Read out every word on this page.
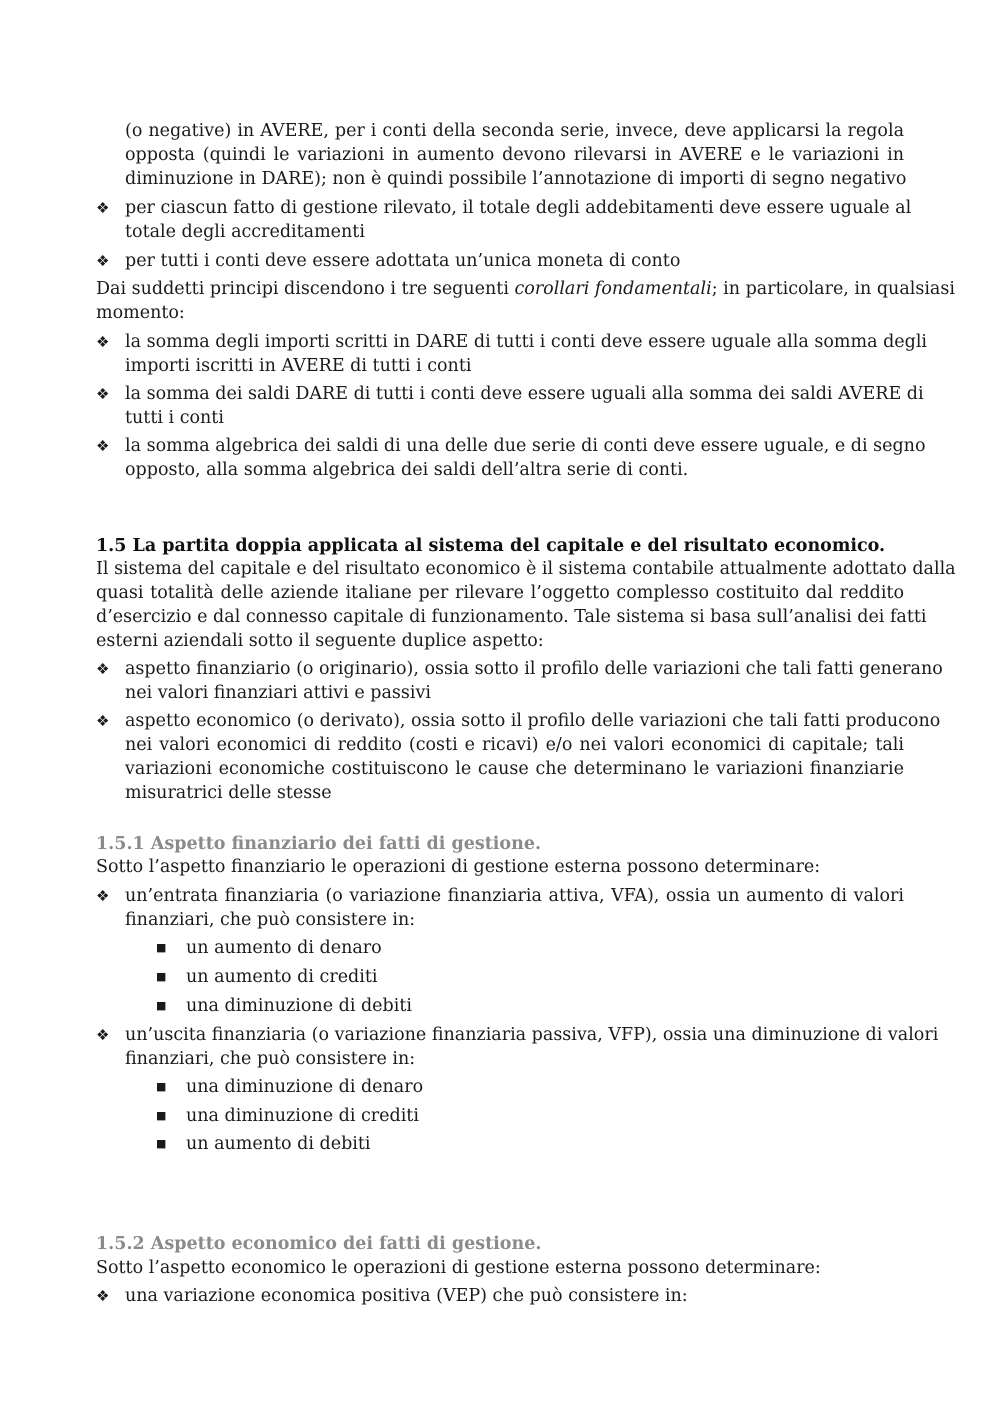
(o negative) in AVERE, per i conti della seconda serie, invece, deve applicarsi la regola
opposta (quindi le variazioni in aumento devono rilevarsi in AVERE e le variazioni in
diminuzione in DARE); non è quindi possibile l’annotazione di importi di segno negativo
❖ per ciascun fatto di gestione rilevato, il totale degli addebitamenti deve essere uguale al
totale degli accreditamenti
❖ per tutti i conti deve essere adottata un’unica moneta di conto
Dai suddetti principi discendono i tre seguenti corollari fondamentali; in particolare, in qualsiasi
momento:
❖ la somma degli importi scritti in DARE di tutti i conti deve essere uguale alla somma degli
importi iscritti in AVERE di tutti i conti
❖ la somma dei saldi DARE di tutti i conti deve essere uguali alla somma dei saldi AVERE di
tutti i conti
❖ la somma algebrica dei saldi di una delle due serie di conti deve essere uguale, e di segno
opposto, alla somma algebrica dei saldi dell’altra serie di conti.
1.5 La partita doppia applicata al sistema del capitale e del risultato economico.
Il sistema del capitale e del risultato economico è il sistema contabile attualmente adottato dalla
quasi totalità delle aziende italiane per rilevare l’oggetto complesso costituito dal reddito
d’esercizio e dal connesso capitale di funzionamento. Tale sistema si basa sull’analisi dei fatti
esterni aziendali sotto il seguente duplice aspetto:
❖ aspetto finanziario (o originario), ossia sotto il profilo delle variazioni che tali fatti generano
nei valori finanziari attivi e passivi
❖ aspetto economico (o derivato), ossia sotto il profilo delle variazioni che tali fatti producono
nei valori economici di reddito (costi e ricavi) e/o nei valori economici di capitale; tali
variazioni economiche costituiscono le cause che determinano le variazioni finanziarie
misuratrici delle stesse
1.5.1 Aspetto finanziario dei fatti di gestione.
Sotto l’aspetto finanziario le operazioni di gestione esterna possono determinare:
❖ un’entrata finanziaria (o variazione finanziaria attiva, VFA), ossia un aumento di valori
finanziari, che può consistere in:
■ un aumento di denaro
■ un aumento di crediti
■ una diminuzione di debiti
❖ un’uscita finanziaria (o variazione finanziaria passiva, VFP), ossia una diminuzione di valori
finanziari, che può consistere in:
■ una diminuzione di denaro
■ una diminuzione di crediti
■ un aumento di debiti
1.5.2 Aspetto economico dei fatti di gestione.
Sotto l’aspetto economico le operazioni di gestione esterna possono determinare:
❖ una variazione economica positiva (VEP) che può consistere in:
